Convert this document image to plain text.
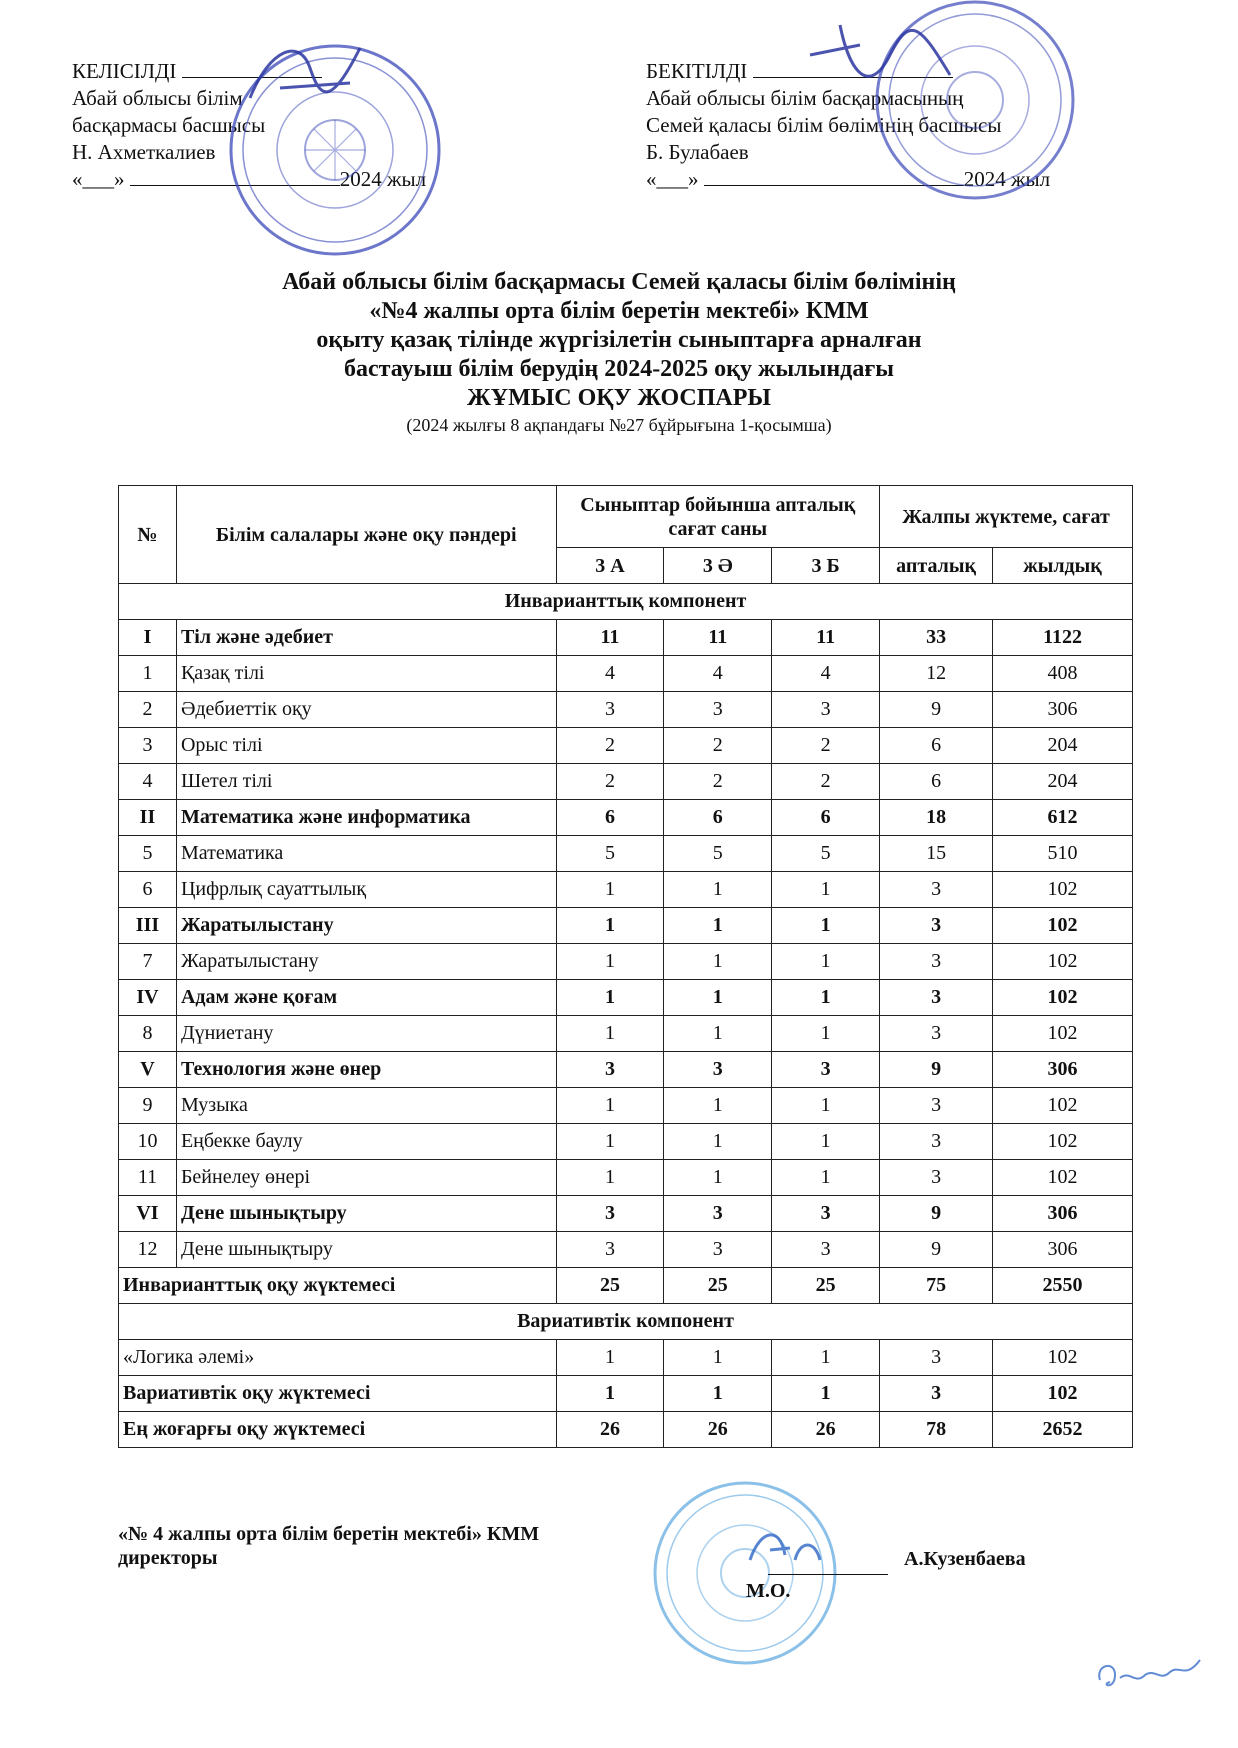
КЕЛІСІЛДІ
Абай облысы білім
басқармасы басшысы
Н. Ахметкалиев
«___»	2024 жыл
БЕКІТІЛДІ
Абай облысы білім басқармасының
Семей қаласы білім бөлімінің басшысы
Б. Булабаев
«___»	2024 жыл
Абай облысы білім басқармасы Семей қаласы білім бөлімінің
«№4 жалпы орта білім беретін мектебі» КММ
оқыту қазақ тілінде жүргізілетін сыныптарға арналған
бастауыш білім берудің 2024-2025 оқу жылындағы
ЖҰМЫС ОҚУ ЖОСПАРЫ
(2024 жылғы 8 ақпандағы №27 бұйрығына 1-қосымша)
№	Білім салалары және оқу пәндері	Сыныптар бойынша апталық сағат саны			Жалпы жүктеме, сағат	
		3 А	3 Ә	3 Б	апталық	жылдық
Инварианттық компонент						
I	Тіл және әдебиет	11	11	11	33	1122
1	Қазақ тілі	4	4	4	12	408
2	Әдебиеттік оқу	3	3	3	9	306
3	Орыс тілі	2	2	2	6	204
4	Шетел тілі	2	2	2	6	204
II	Математика және информатика	6	6	6	18	612
5	Математика	5	5	5	15	510
6	Цифрлық сауаттылық	1	1	1	3	102
III	Жаратылыстану	1	1	1	3	102
7	Жаратылыстану	1	1	1	3	102
IV	Адам және қоғам	1	1	1	3	102
8	Дүниетану	1	1	1	3	102
V	Технология және өнер	3	3	3	9	306
9	Музыка	1	1	1	3	102
10	Еңбекке баулу	1	1	1	3	102
11	Бейнелеу өнері	1	1	1	3	102
VI	Дене шынықтыру	3	3	3	9	306
12	Дене шынықтыру	3	3	3	9	306
Инварианттық оқу жүктемесі		25	25	25	75	2550
Вариативтік компонент						
«Логика әлемі»		1	1	1	3	102
Вариативтік оқу жүктемесі		1	1	1	3	102
Ең жоғарғы оқу жүктемесі		26	26	26	78	2652
«№ 4 жалпы орта білім беретін мектебі» КММ
директоры
М.О.
А.Кузенбаева
